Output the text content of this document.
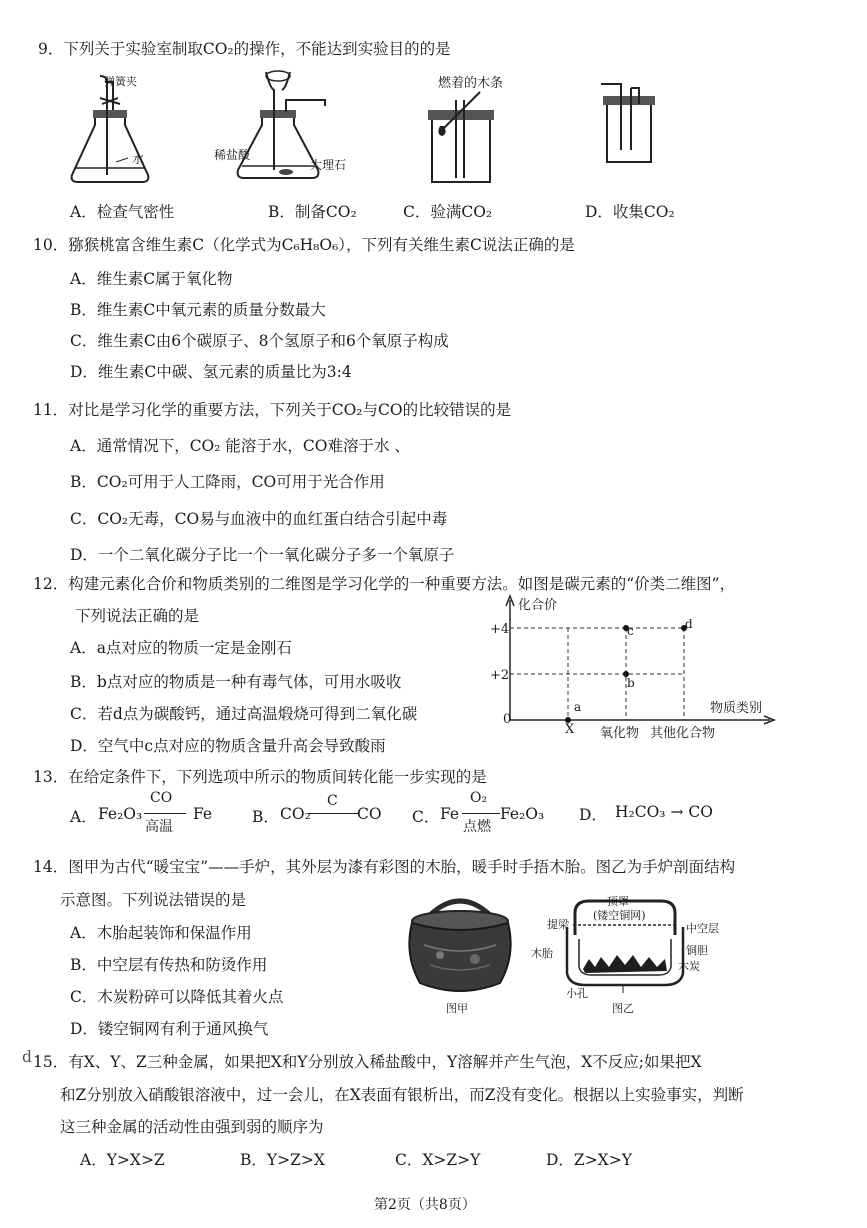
9．下列关于实验室制取CO₂的操作，不能达到实验目的的是
弹簧夹
水	稀盐酸
大理石
燃着的木条
A．检查气密性	B．制备CO₂	C．验满CO₂	D．收集CO₂
10．猕猴桃富含维生素C（化学式为C₆H₈O₆），下列有关维生素C说法正确的是
A．维生素C属于氧化物
B．维生素C中氧元素的质量分数最大
C．维生素C由6个碳原子、8个氢原子和6个氧原子构成
D．维生素C中碳、氢元素的质量比为3:4
11．对比是学习化学的重要方法，下列关于CO₂与CO的比较错误的是
A．通常情况下，CO₂ 能溶于水，CO难溶于水 、
B．CO₂可用于人工降雨，CO可用于光合作用
C．CO₂无毒，CO易与血液中的血红蛋白结合引起中毒
D．一个二氧化碳分子比一个一氧化碳分子多一个氧原子
12．构建元素化合价和物质类别的二维图是学习化学的一种重要方法。如图是碳元素的“价类二维图”，
下列说法正确的是
A．a点对应的物质一定是金刚石
B．b点对应的物质是一种有毒气体，可用水吸收
C．若d点为碳酸钙，通过高温煅烧可得到二氧化碳
D．空气中c点对应的物质含量升高会导致酸雨
化合价
物质类别
+4
+2
0
X 氧化物 其他化合物
a
b
c	d
13．在给定条件下，下列选项中所示的物质间转化能一步实现的是
A． Fe₂O₃
CO
高温
Fe	B． CO₂
C
CO C． Fe
O₂
点燃
Fe₂O₃ D． H₂CO₃ → CO
14．图甲为古代“暖宝宝”——手炉，其外层为漆有彩图的木胎，暖手时手捂木胎。图乙为手炉剖面结构
示意图。下列说法错误的是
A．木胎起装饰和保温作用
B．中空层有传热和防烫作用
C．木炭粉碎可以降低其着火点
D．镂空铜网有利于通风换气
顶罩
(镂空铜网)
提梁
木胎
中空层
铜胆
木炭
小孔
图甲	图乙
d 15．有X、Y、Z三种金属，如果把X和Y分别放入稀盐酸中，Y溶解并产生气泡，X不反应;如果把X
和Z分别放入硝酸银溶液中，过一会儿，在X表面有银析出，而Z没有变化。根据以上实验事实，判断
这三种金属的活动性由强到弱的顺序为
A．Y>X>Z	B．Y>Z>X	C．X>Z>Y	D．Z>X>Y
第2页（共8页）
